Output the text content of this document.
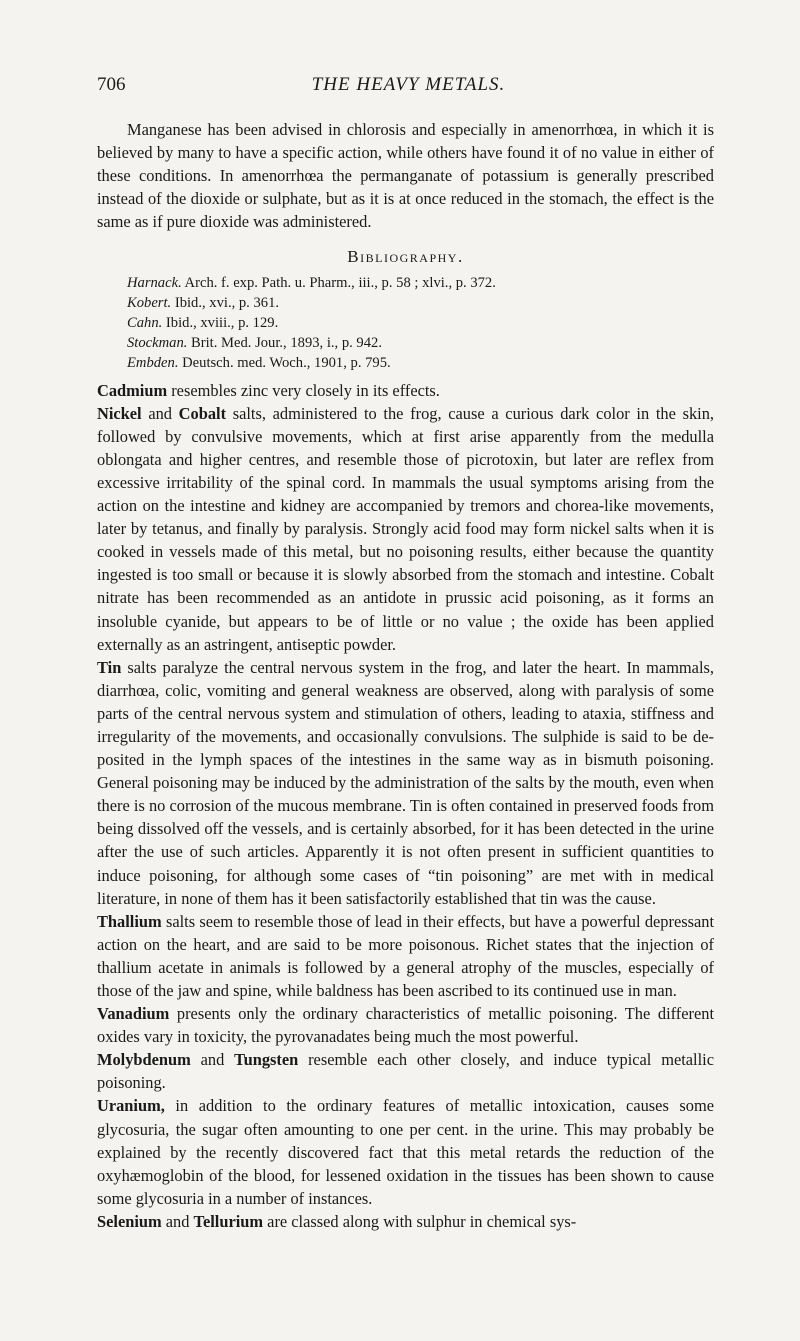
706	THE HEAVY METALS.

Manganese has been advised in chlorosis and especially in amenorrhœa, in which it is believed by many to have a specific action, while others have found it of no value in either of these conditions. In amenorrhœa the permanganate of potassium is generally prescribed instead of the dioxide or sulphate, but as it is at once reduced in the stomach, the effect is the same as if pure dioxide was administered.

Bibliography.
Harnack. Arch. f. exp. Path. u. Pharm., iii., p. 58 ; xlvi., p. 372.
Kobert. Ibid., xvi., p. 361.
Cahn. Ibid., xviii., p. 129.
Stockman. Brit. Med. Jour., 1893, i., p. 942.
Embden. Deutsch. med. Woch., 1901, p. 795.

Cadmium resembles zinc very closely in its effects.

Nickel and Cobalt salts, administered to the frog, cause a curious dark color in the skin, followed by convulsive movements, which at first arise apparently from the medulla oblongata and higher centres, and resemble those of picrotoxin, but later are reflex from excessive irritability of the spinal cord. In mammals the usual symptoms arising from the action on the intestine and kidney are accompanied by tremors and chorea-like movements, later by tetanus, and finally by paralysis. Strongly acid food may form nickel salts when it is cooked in vessels made of this metal, but no poisoning results, either because the quantity ingested is too small or because it is slowly absorbed from the stomach and intestine. Cobalt nitrate has been recommended as an antidote in prussic acid poisoning, as it forms an insoluble cyanide, but appears to be of little or no value ; the oxide has been applied externally as an astringent, antiseptic powder.

Tin salts paralyze the central nervous system in the frog, and later the heart. In mammals, diarrhœa, colic, vomiting and general weakness are observed, along with paralysis of some parts of the central nervous system and stimulation of others, leading to ataxia, stiffness and irregularity of the movements, and occasionally convulsions. The sulphide is said to be deposited in the lymph spaces of the intestines in the same way as in bismuth poisoning. General poisoning may be induced by the administration of the salts by the mouth, even when there is no corrosion of the mucous membrane. Tin is often contained in preserved foods from being dissolved off the vessels, and is certainly absorbed, for it has been detected in the urine after the use of such articles. Apparently it is not often present in sufficient quantities to induce poisoning, for although some cases of “tin poisoning” are met with in medical literature, in none of them has it been satisfactorily established that tin was the cause.

Thallium salts seem to resemble those of lead in their effects, but have a powerful depressant action on the heart, and are said to be more poisonous. Richet states that the injection of thallium acetate in animals is followed by a general atrophy of the muscles, especially of those of the jaw and spine, while baldness has been ascribed to its continued use in man.

Vanadium presents only the ordinary characteristics of metallic poisoning. The different oxides vary in toxicity, the pyrovanadates being much the most powerful.

Molybdenum and Tungsten resemble each other closely, and induce typical metallic poisoning.

Uranium, in addition to the ordinary features of metallic intoxication, causes some glycosuria, the sugar often amounting to one per cent. in the urine. This may probably be explained by the recently discovered fact that this metal retards the reduction of the oxyhæmoglobin of the blood, for lessened oxidation in the tissues has been shown to cause some glycosuria in a number of instances.

Selenium and Tellurium are classed along with sulphur in chemical sys-
